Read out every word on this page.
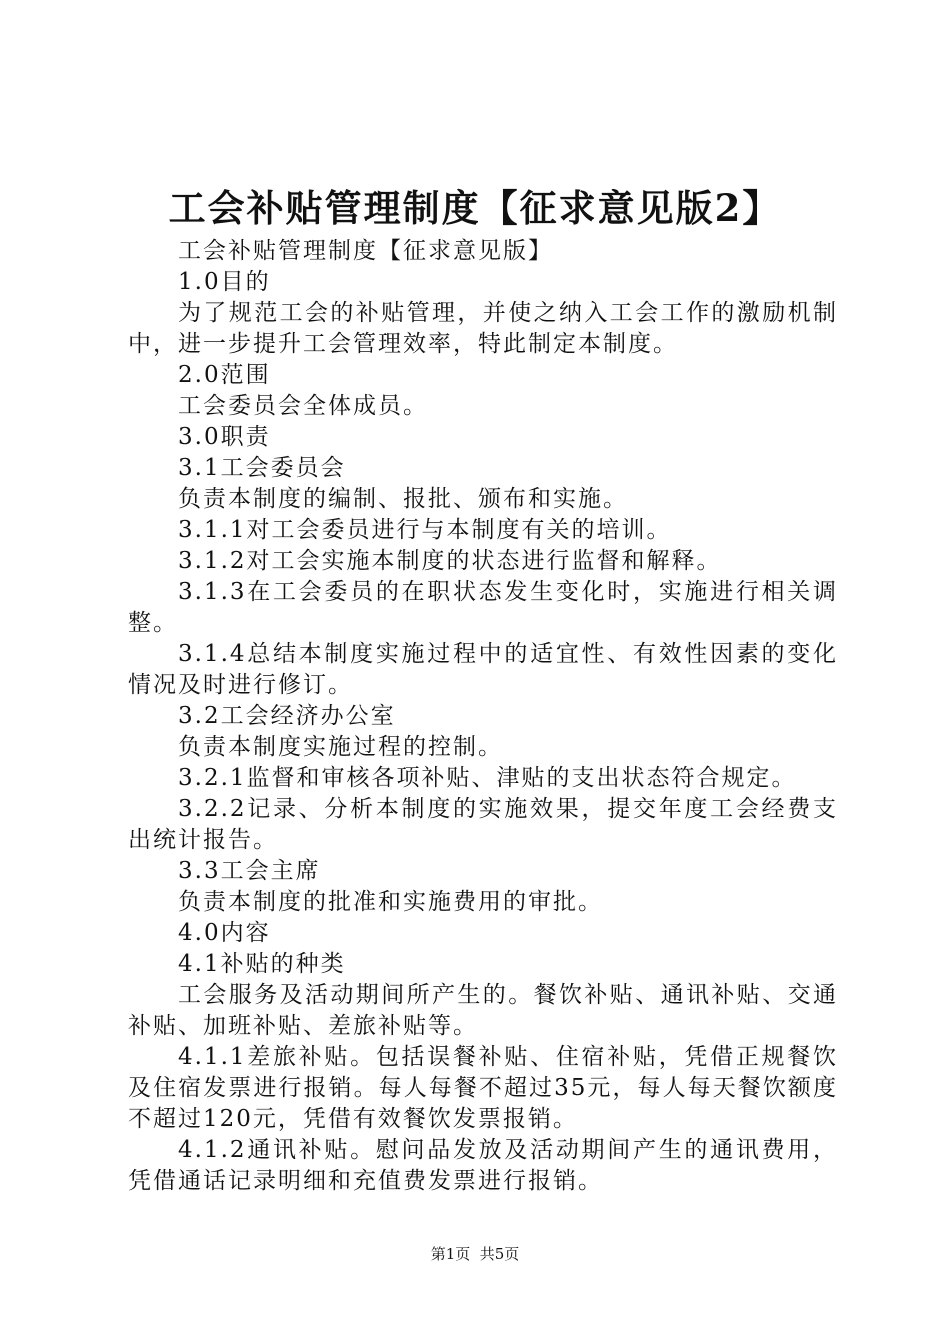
工会补贴管理制度【征求意见版2】

工会补贴管理制度【征求意见版】

1.0目的

为了规范工会的补贴管理，并使之纳入工会工作的激励机制中，进一步提升工会管理效率，特此制定本制度。

2.0范围

工会委员会全体成员。

3.0职责

3.1工会委员会

负责本制度的编制、报批、颁布和实施。

3.1.1对工会委员进行与本制度有关的培训。

3.1.2对工会实施本制度的状态进行监督和解释。

3.1.3在工会委员的在职状态发生变化时，实施进行相关调整。

3.1.4总结本制度实施过程中的适宜性、有效性因素的变化情况及时进行修订。

3.2工会经济办公室

负责本制度实施过程的控制。

3.2.1监督和审核各项补贴、津贴的支出状态符合规定。

3.2.2记录、分析本制度的实施效果，提交年度工会经费支出统计报告。

3.3工会主席

负责本制度的批准和实施费用的审批。

4.0内容

4.1补贴的种类

工会服务及活动期间所产生的。餐饮补贴、通讯补贴、交通补贴、加班补贴、差旅补贴等。

4.1.1差旅补贴。包括误餐补贴、住宿补贴，凭借正规餐饮及住宿发票进行报销。每人每餐不超过35元，每人每天餐饮额度不超过120元，凭借有效餐饮发票报销。

4.1.2通讯补贴。慰问品发放及活动期间产生的通讯费用，凭借通话记录明细和充值费发票进行报销。

第1页  共5页
